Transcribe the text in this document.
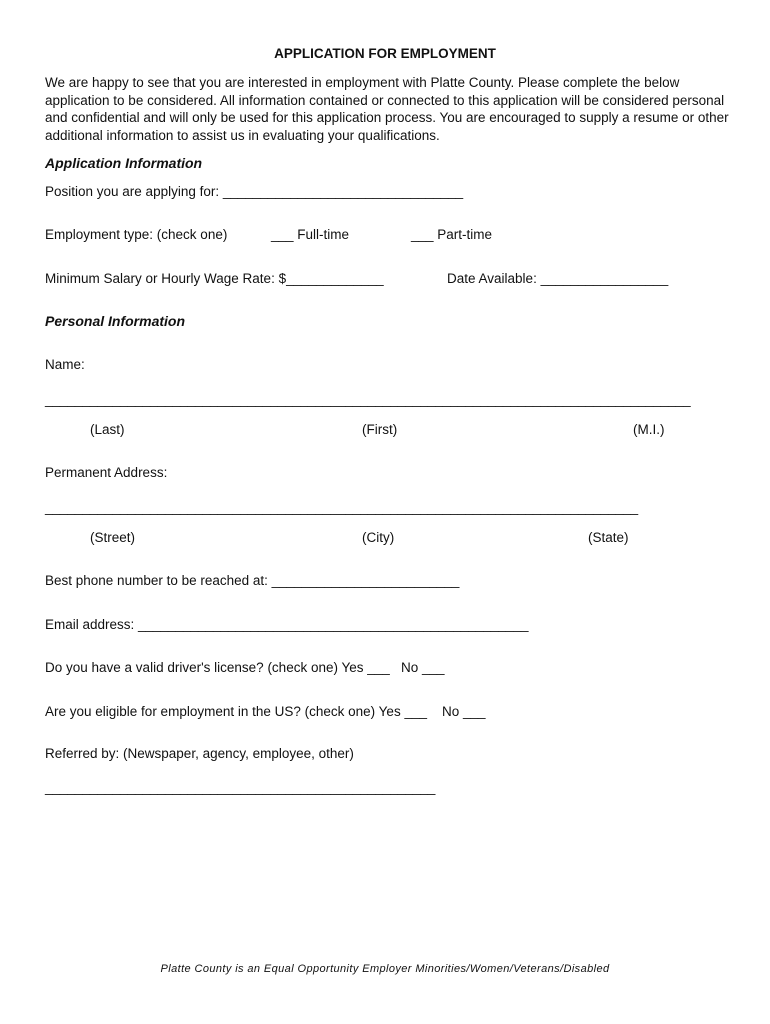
APPLICATION FOR EMPLOYMENT
We are happy to see that you are interested in employment with Platte County. Please complete the below application to be considered. All information contained or connected to this application will be considered personal and confidential and will only be used for this application process. You are encouraged to supply a resume or other additional information to assist us in evaluating your qualifications.
Application Information
Position you are applying for: ________________________________
Employment type: (check one)	___ Full-time	___ Part-time
Minimum Salary or Hourly Wage Rate: $_____________	Date Available: _________________
Personal Information
Name:
______________________________________________________________________________________
(Last)	(First)	(M.I.)
Permanent Address:
_______________________________________________________________________________
(Street)	(City)	(State)
Best phone number to be reached at: _________________________
Email address: ____________________________________________________
Do you have a valid driver's license? (check one) Yes ___   No ___
Are you eligible for employment in the US? (check one) Yes ___    No ___
Referred by: (Newspaper, agency, employee, other)
____________________________________________________
Platte County is an Equal Opportunity Employer Minorities/Women/Veterans/Disabled
